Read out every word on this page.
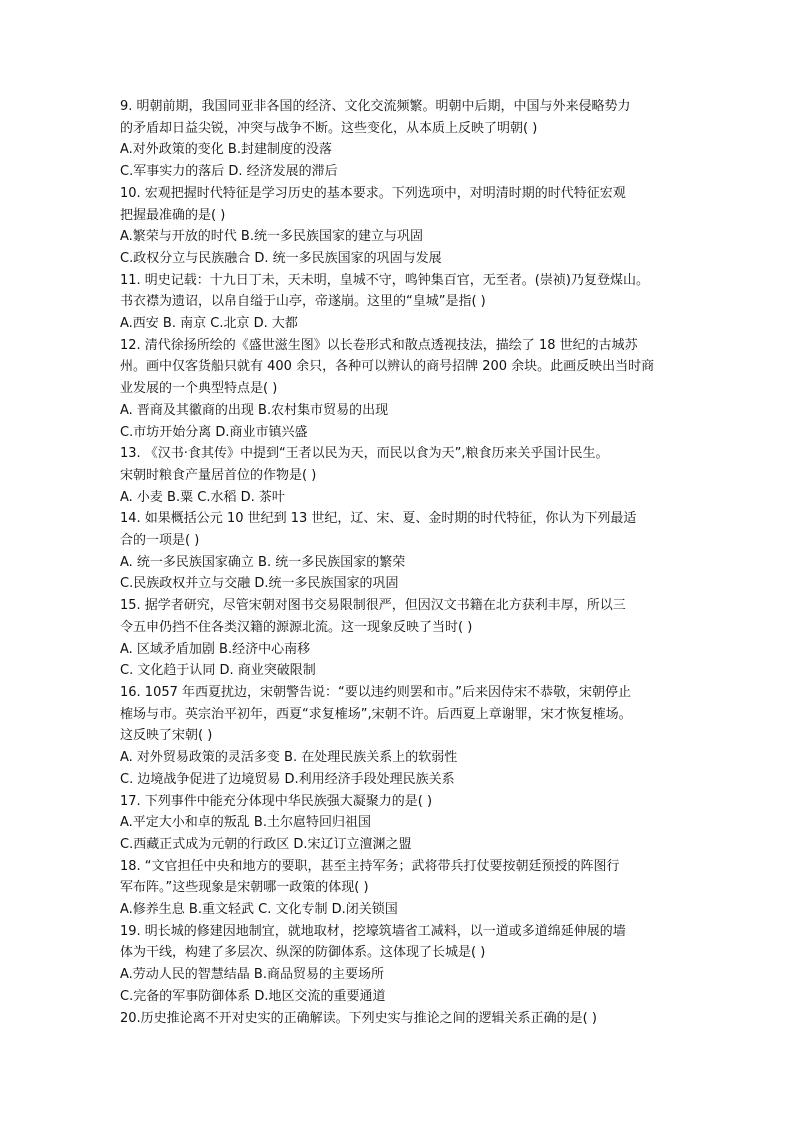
9. 明朝前期，我国同亚非各国的经济、文化交流频繁。明朝中后期，中国与外来侵略势力
的矛盾却日益尖锐，冲突与战争不断。这些变化，从本质上反映了明朝( )
A.对外政策的变化 B.封建制度的没落
C.军事实力的落后 D. 经济发展的滞后
10. 宏观把握时代特征是学习历史的基本要求。下列选项中，对明清时期的时代特征宏观
把握最准确的是( )
A.繁荣与开放的时代 B.统一多民族国家的建立与巩固
C.政权分立与民族融合 D. 统一多民族国家的巩固与发展
11. 明史记载：十九日丁未，天未明，皇城不守，鸣钟集百官，无至者。(崇祯)乃复登煤山。
书衣襟为遗诏，以帛自缢于山亭，帝遂崩。这里的“皇城”是指( )
A.西安 B. 南京 C.北京 D. 大都
12. 清代徐扬所绘的《盛世滋生图》以长卷形式和散点透视技法，描绘了 18 世纪的古城苏
州。画中仅客货船只就有 400 余只，各种可以辨认的商号招牌 200 余块。此画反映出当时商
业发展的一个典型特点是( )
A. 晋商及其徽商的出现 B.农村集市贸易的出现
C.市坊开始分离 D.商业市镇兴盛
13. 《汉书·食其传》中提到“王者以民为天，而民以食为天”,粮食历来关乎国计民生。
宋朝时粮食产量居首位的作物是( )
A. 小麦 B.粟 C.水稻 D. 茶叶
14. 如果概括公元 10 世纪到 13 世纪，辽、宋、夏、金时期的时代特征，你认为下列最适
合的一项是( )
A. 统一多民族国家确立 B. 统一多民族国家的繁荣
C.民族政权并立与交融 D.统一多民族国家的巩固
15. 据学者研究，尽管宋朝对图书交易限制很严，但因汉文书籍在北方获利丰厚，所以三
令五申仍挡不住各类汉籍的源源北流。这一现象反映了当时( )
A. 区域矛盾加剧 B.经济中心南移
C. 文化趋于认同 D. 商业突破限制
16. 1057 年西夏扰边，宋朝警告说：“要以违约则罢和市。”后来因侍宋不恭敬，宋朝停止
榷场与市。英宗治平初年，西夏“求复榷场”,宋朝不许。后西夏上章谢罪，宋才恢复榷场。
这反映了宋朝( )
A. 对外贸易政策的灵活多变 B. 在处理民族关系上的软弱性
C. 边境战争促进了边境贸易 D.利用经济手段处理民族关系
17. 下列事件中能充分体现中华民族强大凝聚力的是( )
A.平定大小和卓的叛乱 B.土尔扈特回归祖国
C.西藏正式成为元朝的行政区 D.宋辽订立澶渊之盟
18. “文官担任中央和地方的要职，甚至主持军务；武将带兵打仗要按朝廷预授的阵图行
军布阵。”这些现象是宋朝哪一政策的体现( )
A.修养生息 B.重文轻武 C. 文化专制 D.闭关锁国
19. 明长城的修建因地制宜，就地取材，挖壕筑墙省工减料，以一道或多道绵延伸展的墙
体为干线，构建了多层次、纵深的防御体系。这体现了长城是( )
A.劳动人民的智慧结晶 B.商品贸易的主要场所
C.完备的军事防御体系 D.地区交流的重要通道
20.历史推论离不开对史实的正确解读。下列史实与推论之间的逻辑关系正确的是( )
